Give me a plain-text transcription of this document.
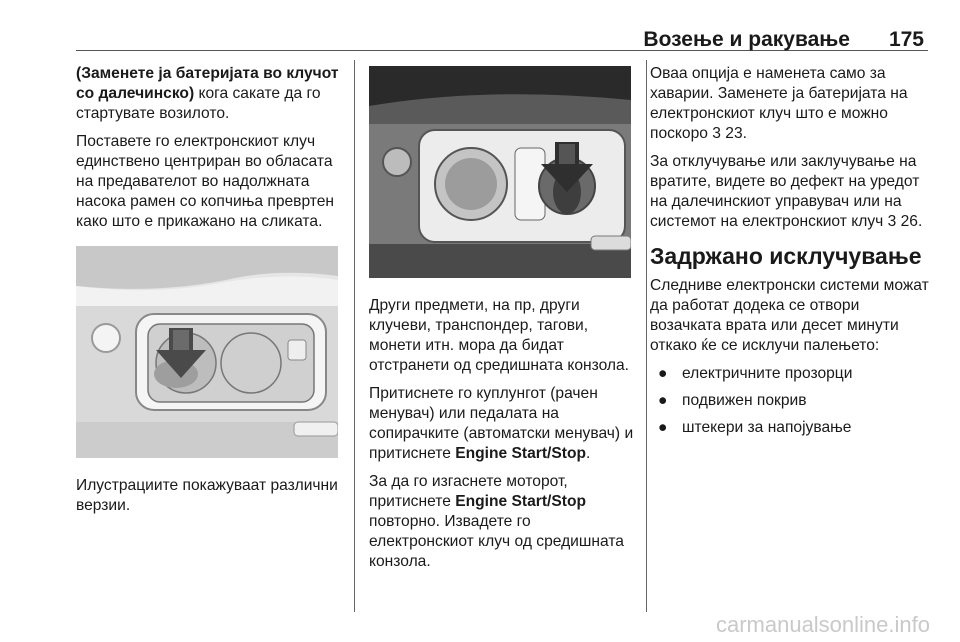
Возење и ракување 175

(Заменете ја батеријата во клучот со далечинско) кога сакате да го стартувате возилото.

Поставете го електронскиот клуч единствено центриран во обласата на предавателот во надолжната насока рамен со копчиња превртен како што е прикажано на сликата.

Илустрациите покажуваат различни верзии.

Други предмети, на пр, други клучеви, транспондер, тагови, монети итн. мора да бидат отстранети од средишната конзола.

Притиснете го куплунгот (рачен менувач) или педалата на сопирачките (автоматски менувач) и притиснете Engine Start/Stop.

За да го изгаснете моторот, притиснете Engine Start/Stop повторно. Извадете го електронскиот клуч од средишната конзола.

Оваа опција е наменета само за хаварии. Заменете ја батеријата на електронскиот клуч што е можно поскоро 3 23.

За отклучување или заклучување на вратите, видете во дефект на уредот на далечинскиот управувач или на системот на електронскиот клуч 3 26.

Задржано исклучување

Следниве електронски системи можат да работат додека се отвори возачката врата или десет минути откако ќе се исклучи палењето:

● електричните прозорци
● подвижен покрив
● штекери за напојување
carmanualsonline.info
